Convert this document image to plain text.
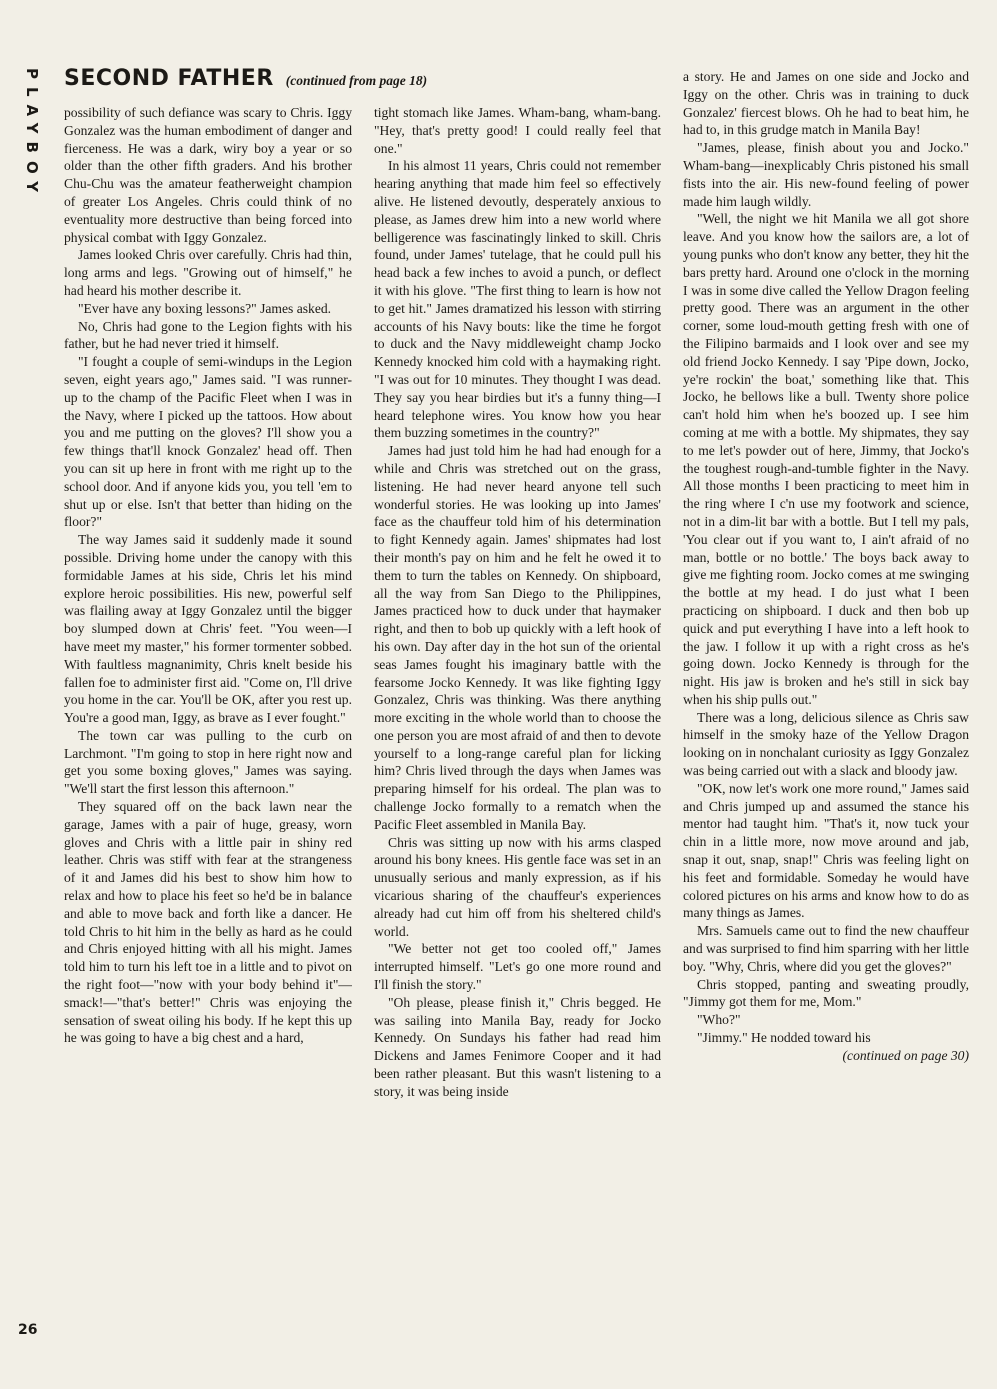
PLAYBOY SECOND FATHER (continued from page 18)

possibility of such defiance was scary to Chris. Iggy Gonzalez was the human embodiment of danger and fierceness. He was a dark, wiry boy a year or so older than the other fifth graders. And his brother Chu-Chu was the amateur featherweight champion of greater Los Angeles. Chris could think of no eventuality more destructive than being forced into physical combat with Iggy Gonzalez.

James looked Chris over carefully. Chris had thin, long arms and legs. "Growing out of himself," he had heard his mother describe it.

"Ever have any boxing lessons?" James asked.

No, Chris had gone to the Legion fights with his father, but he had never tried it himself.

"I fought a couple of semi-windups in the Legion seven, eight years ago," James said. "I was runner-up to the champ of the Pacific Fleet when I was in the Navy, where I picked up the tattoos. How about you and me putting on the gloves? I'll show you a few things that'll knock Gonzalez' head off. Then you can sit up here in front with me right up to the school door. And if anyone kids you, you tell 'em to shut up or else. Isn't that better than hiding on the floor?"

The way James said it suddenly made it sound possible. Driving home under the canopy with this formidable James at his side, Chris let his mind explore heroic possibilities. His new, powerful self was flailing away at Iggy Gonzalez until the bigger boy slumped down at Chris' feet. "You ween—I have meet my master," his former tormenter sobbed. With faultless magnanimity, Chris knelt beside his fallen foe to administer first aid. "Come on, I'll drive you home in the car. You'll be OK, after you rest up. You're a good man, Iggy, as brave as I ever fought."

The town car was pulling to the curb on Larchmont. "I'm going to stop in here right now and get you some boxing gloves," James was saying. "We'll start the first lesson this afternoon."

They squared off on the back lawn near the garage, James with a pair of huge, greasy, worn gloves and Chris with a little pair in shiny red leather. Chris was stiff with fear at the strangeness of it and James did his best to show him how to relax and how to place his feet so he'd be in balance and able to move back and forth like a dancer. He told Chris to hit him in the belly as hard as he could and Chris enjoyed hitting with all his might. James told him to turn his left toe in a little and to pivot on the right foot—"now with your body behind it"—smack!—"that's better!" Chris was enjoying the sensation of sweat oiling his body. If he kept this up he was going to have a big chest and a hard,

tight stomach like James. Wham-bang, wham-bang. "Hey, that's pretty good! I could really feel that one."

In his almost 11 years, Chris could not remember hearing anything that made him feel so effectively alive. He listened devoutly, desperately anxious to please, as James drew him into a new world where belligerence was fascinatingly linked to skill. Chris found, under James' tutelage, that he could pull his head back a few inches to avoid a punch, or deflect it with his glove. "The first thing to learn is how not to get hit." James dramatized his lesson with stirring accounts of his Navy bouts: like the time he forgot to duck and the Navy middleweight champ Jocko Kennedy knocked him cold with a haymaking right. "I was out for 10 minutes. They thought I was dead. They say you hear birdies but it's a funny thing—I heard telephone wires. You know how you hear them buzzing sometimes in the country?"

James had just told him he had had enough for a while and Chris was stretched out on the grass, listening. He had never heard anyone tell such wonderful stories. He was looking up into James' face as the chauffeur told him of his determination to fight Kennedy again. James' shipmates had lost their month's pay on him and he felt he owed it to them to turn the tables on Kennedy. On shipboard, all the way from San Diego to the Philippines, James practiced how to duck under that haymaker right, and then to bob up quickly with a left hook of his own. Day after day in the hot sun of the oriental seas James fought his imaginary battle with the fearsome Jocko Kennedy. It was like fighting Iggy Gonzalez, Chris was thinking. Was there anything more exciting in the whole world than to choose the one person you are most afraid of and then to devote yourself to a long-range careful plan for licking him? Chris lived through the days when James was preparing himself for his ordeal. The plan was to challenge Jocko formally to a rematch when the Pacific Fleet assembled in Manila Bay.

Chris was sitting up now with his arms clasped around his bony knees. His gentle face was set in an unusually serious and manly expression, as if his vicarious sharing of the chauffeur's experiences already had cut him off from his sheltered child's world.

"We better not get too cooled off," James interrupted himself. "Let's go one more round and I'll finish the story."

"Oh please, please finish it," Chris begged. He was sailing into Manila Bay, ready for Jocko Kennedy. On Sundays his father had read him Dickens and James Fenimore Cooper and it had been rather pleasant. But this wasn't listening to a story, it was being inside

a story. He and James on one side and Jocko and Iggy on the other. Chris was in training to duck Gonzalez' fiercest blows. Oh he had to beat him, he had to, in this grudge match in Manila Bay!

"James, please, finish about you and Jocko." Wham-bang—inexplicably Chris pistoned his small fists into the air. His new-found feeling of power made him laugh wildly.

"Well, the night we hit Manila we all got shore leave. And you know how the sailors are, a lot of young punks who don't know any better, they hit the bars pretty hard. Around one o'clock in the morning I was in some dive called the Yellow Dragon feeling pretty good. There was an argument in the other corner, some loud-mouth getting fresh with one of the Filipino barmaids and I look over and see my old friend Jocko Kennedy. I say 'Pipe down, Jocko, ye're rockin' the boat,' something like that. This Jocko, he bellows like a bull. Twenty shore police can't hold him when he's boozed up. I see him coming at me with a bottle. My shipmates, they say to me let's powder out of here, Jimmy, that Jocko's the toughest rough-and-tumble fighter in the Navy. All those months I been practicing to meet him in the ring where I c'n use my footwork and science, not in a dim-lit bar with a bottle. But I tell my pals, 'You clear out if you want to, I ain't afraid of no man, bottle or no bottle.' The boys back away to give me fighting room. Jocko comes at me swinging the bottle at my head. I do just what I been practicing on shipboard. I duck and then bob up quick and put everything I have into a left hook to the jaw. I follow it up with a right cross as he's going down. Jocko Kennedy is through for the night. His jaw is broken and he's still in sick bay when his ship pulls out."

There was a long, delicious silence as Chris saw himself in the smoky haze of the Yellow Dragon looking on in nonchalant curiosity as Iggy Gonzalez was being carried out with a slack and bloody jaw.

"OK, now let's work one more round," James said and Chris jumped up and assumed the stance his mentor had taught him. "That's it, now tuck your chin in a little more, now move around and jab, snap it out, snap, snap!" Chris was feeling light on his feet and formidable. Someday he would have colored pictures on his arms and know how to do as many things as James.

Mrs. Samuels came out to find the new chauffeur and was surprised to find him sparring with her little boy. "Why, Chris, where did you get the gloves?"

Chris stopped, panting and sweating proudly, "Jimmy got them for me, Mom."

"Who?"

"Jimmy." He nodded toward his

(continued on page 30)

26
